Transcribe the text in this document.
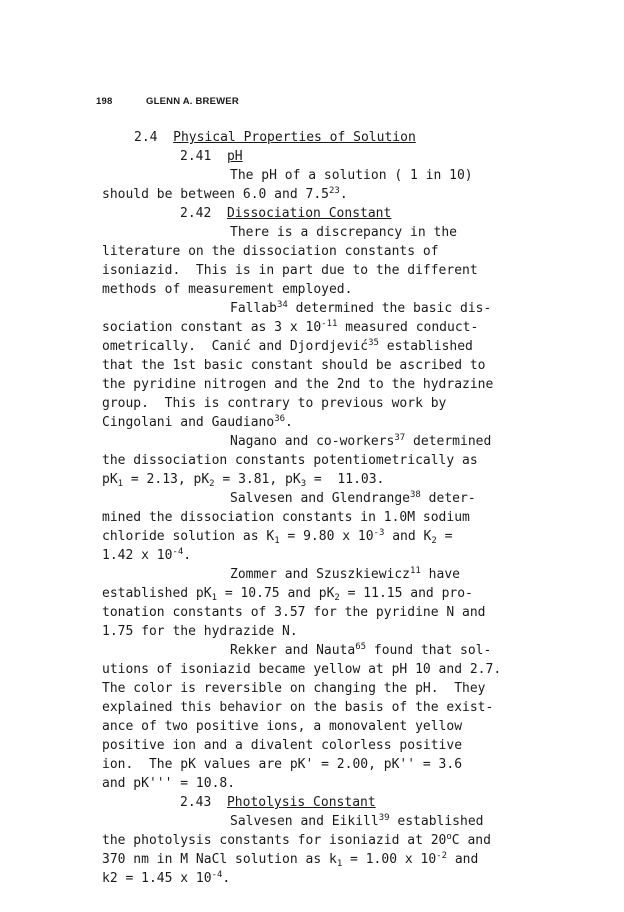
198	GLENN A. BREWER
2.4 Physical Properties of Solution
2.41 pH
The pH of a solution ( 1 in 10)
should be between 6.0 and $7.5^{23}$.
2.42 Dissociation Constant
There is a discrepancy in the
literature on the dissociation constants of
isoniazid.  This is in part due to the different
methods of measurement employed.
Fallab$^{34}$ determined the basic dis-
sociation constant as 3 x $10^{-11}$ measured conduct-
ometrically.  Canić and Djordjević$^{35}$ established
that the 1st basic constant should be ascribed to
the pyridine nitrogen and the 2nd to the hydrazine
group.  This is contrary to previous work by
Cingolani and Gaudiano$^{36}$.
Nagano and co-workers$^{37}$ determined
the dissociation constants potentiometrically as
$pK_1 = 2.13$, $pK_2 = 3.81$, $pK_3 = 11.03$.
Salvesen and Glendrange$^{38}$ deter-
mined the dissociation constants in 1.0M sodium
chloride solution as $K_1 = 9.80$ x $10^{-3}$ and $K_2$ =
1.42 x $10^{-4}$.
Zommer and Szuszkiewicz$^{11}$ have
established $pK_1 = 10.75$ and $pK_2 = 11.15$ and pro-
tonation constants of 3.57 for the pyridine N and
1.75 for the hydrazide N.
Rekker and Nauta$^{65}$ found that sol-
utions of isoniazid became yellow at pH 10 and 2.7.
The color is reversible on changing the pH.  They
explained this behavior on the basis of the exist-
ance of two positive ions, a monovalent yellow
positive ion and a divalent colorless positive
ion.  The pK values are pK' = 2.00, pK'' = 3.6
and pK''' = 10.8.
2.43 Photolysis Constant
Salvesen and Eikill$^{39}$ established
the photolysis constants for isoniazid at 20$^o$C and
370 nm in M NaCl solution as $k_1 = 1.00$ x $10^{-2}$ and
k2 = 1.45 x $10^{-4}$.
